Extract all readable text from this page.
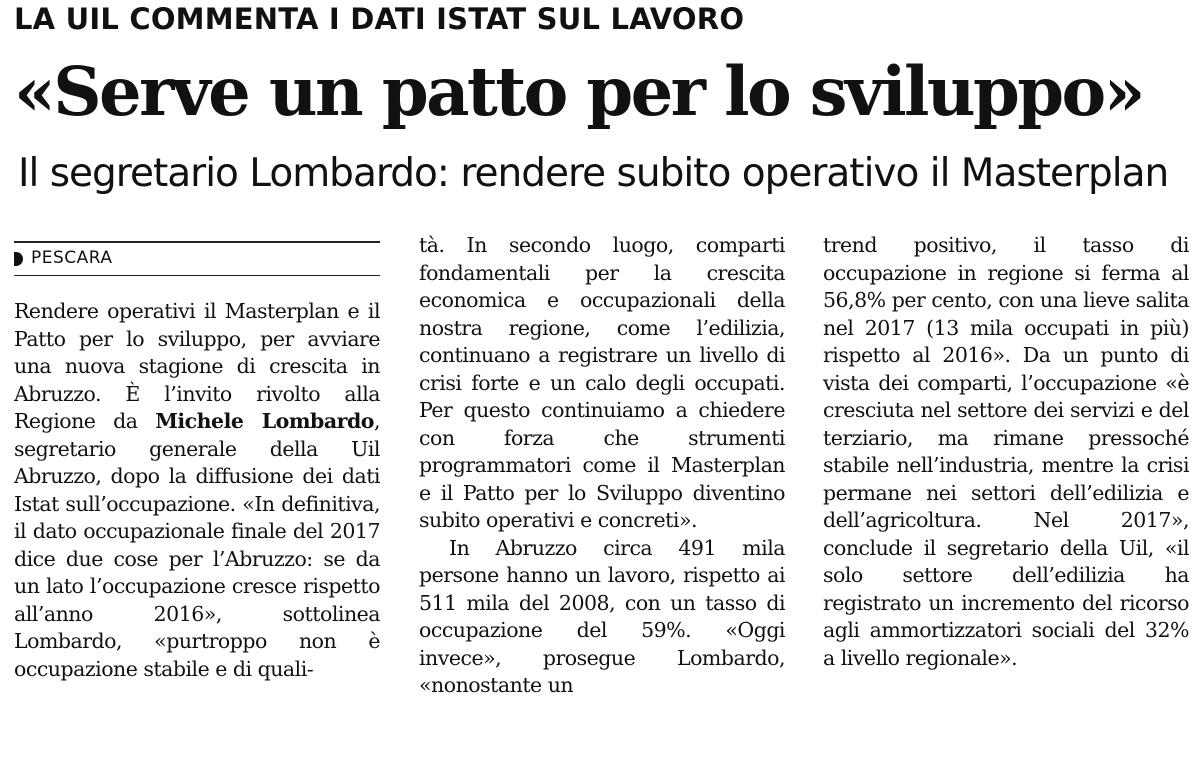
LA UIL COMMENTA I DATI ISTAT SUL LAVORO
«Serve un patto per lo sviluppo»
Il segretario Lombardo: rendere subito operativo il Masterplan
PESCARA

Rendere operativi il Masterplan e il Patto per lo sviluppo, per avviare una nuova stagione di crescita in Abruzzo. È l’invito rivolto alla Regione da Michele Lombardo, segretario generale della Uil Abruzzo, dopo la diffusione dei dati Istat sull’occupazione. «In definitiva, il dato occupazionale finale del 2017 dice due cose per l’Abruzzo: se da un lato l’occupazione cresce rispetto all’anno 2016», sottolinea Lombardo, «purtroppo non è occupazione stabile e di quali-

tà. In secondo luogo, comparti fondamentali per la crescita economica e occupazionali della nostra regione, come l’edilizia, continuano a registrare un livello di crisi forte e un calo degli occupati. Per questo continuiamo a chiedere con forza che strumenti programmatori come il Masterplan e il Patto per lo Sviluppo diventino subito operativi e concreti».

In Abruzzo circa 491 mila persone hanno un lavoro, rispetto ai 511 mila del 2008, con un tasso di occupazione del 59%. «Oggi invece», prosegue Lombardo, «nonostante un

trend positivo, il tasso di occupazione in regione si ferma al 56,8% per cento, con una lieve salita nel 2017 (13 mila occupati in più) rispetto al 2016». Da un punto di vista dei comparti, l’occupazione «è cresciuta nel settore dei servizi e del terziario, ma rimane pressoché stabile nell’industria, mentre la crisi permane nei settori dell’edilizia e dell’agricoltura. Nel 2017», conclude il segretario della Uil, «il solo settore dell’edilizia ha registrato un incremento del ricorso agli ammortizzatori sociali del 32% a livello regionale».
